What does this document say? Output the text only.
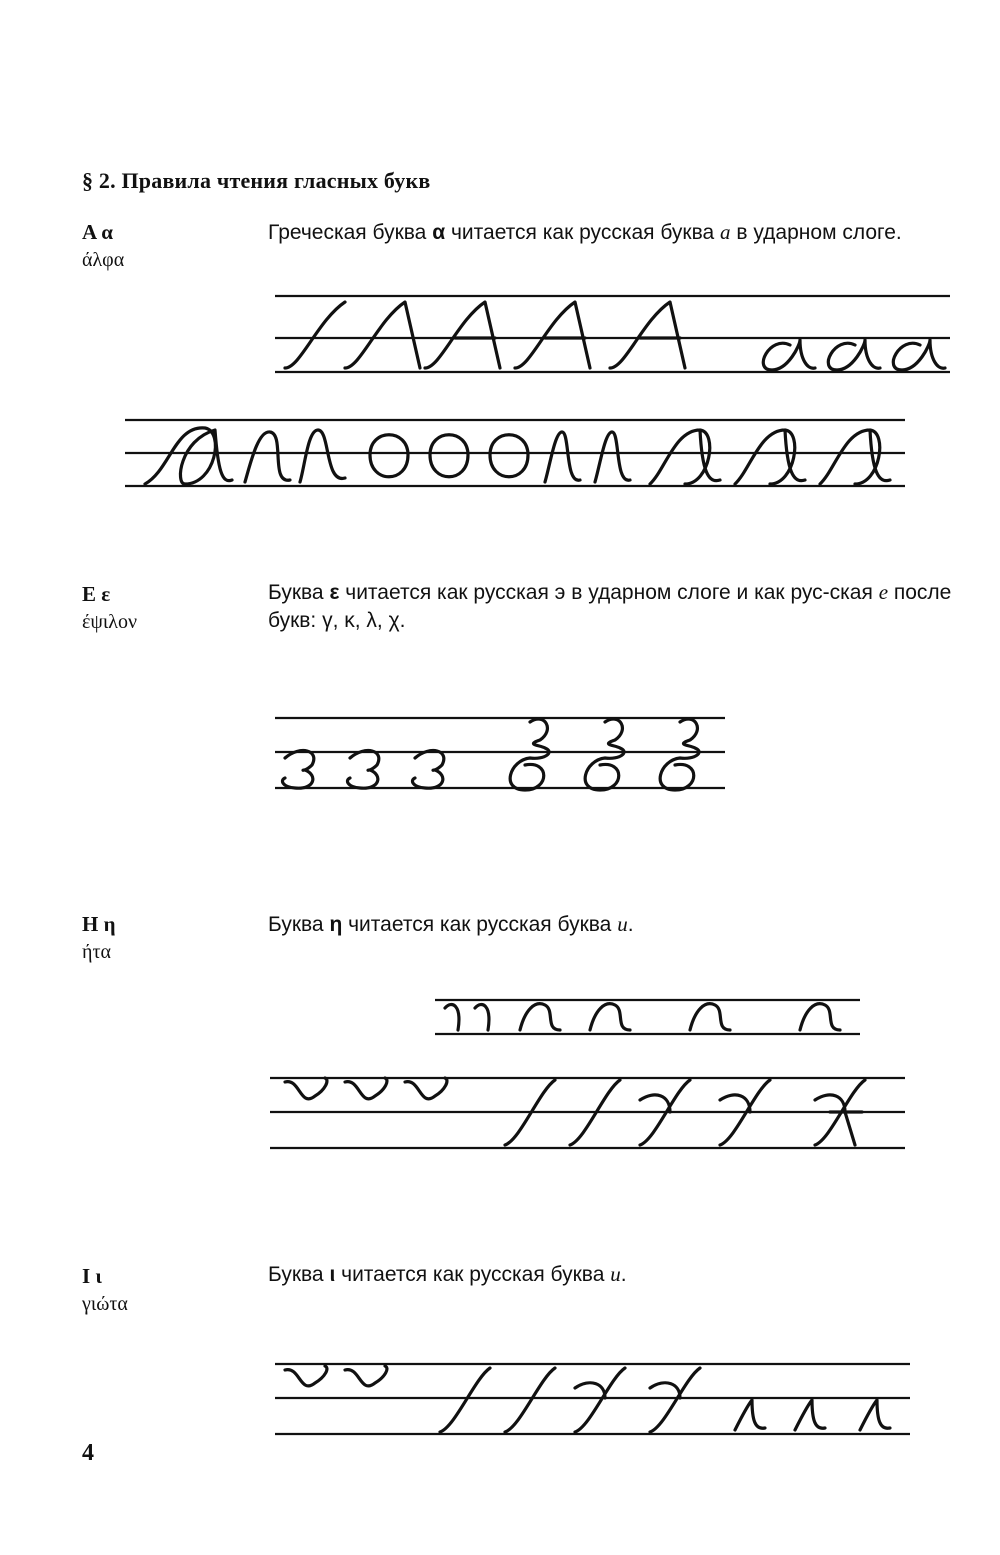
§ 2. Правила чтения гласных букв
Α α
άλφα
Греческая буква α читается как русская буква а в ударном слоге.
Ε ε
έψιλον
Буква ε читается как русская э в ударном слоге и как рус-ская е после букв: γ, κ, λ, χ.
Η η
ήτα
Буква η читается как русская буква и.
Ι ι
γιώτα
Буква ι читается как русская буква и.
4
